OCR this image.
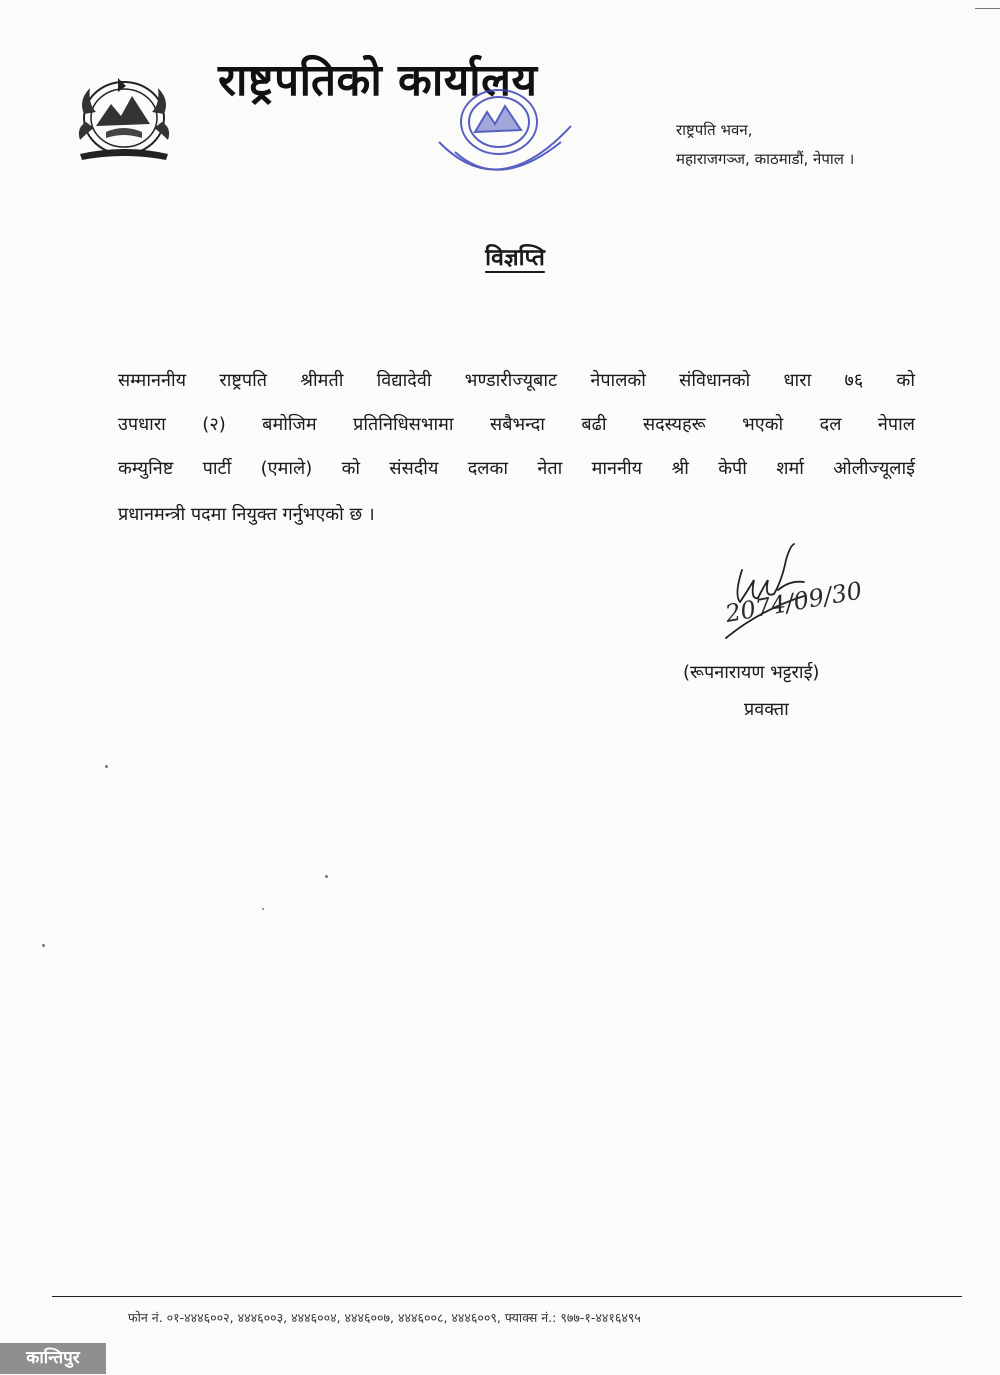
राष्ट्रपतिको कार्यालय
राष्ट्रपति भवन,
महाराजगञ्ज, काठमाडौं, नेपाल ।
विज्ञप्ति
सम्माननीय राष्ट्रपति श्रीमती विद्यादेवी भण्डारीज्यूबाट नेपालको संविधानको धारा ७६ को
उपधारा (२) बमोजिम प्रतिनिधिसभामा सबैभन्दा बढी सदस्यहरू भएको दल नेपाल
कम्युनिष्ट पार्टी (एमाले) को संसदीय दलका नेता माननीय श्री केपी शर्मा ओलीज्यूलाई
प्रधानमन्त्री पदमा नियुक्त गर्नुभएको छ ।
2074/09/30
(रूपनारायण भट्टराई)
प्रवक्ता
फोन नं. ०१-४४४६००२, ४४४६००३, ४४४६००४, ४४४६००७, ४४४६००८, ४४४६००९, फ्याक्स नं.: ९७७-१-४४१६४९५
कान्तिपुर
